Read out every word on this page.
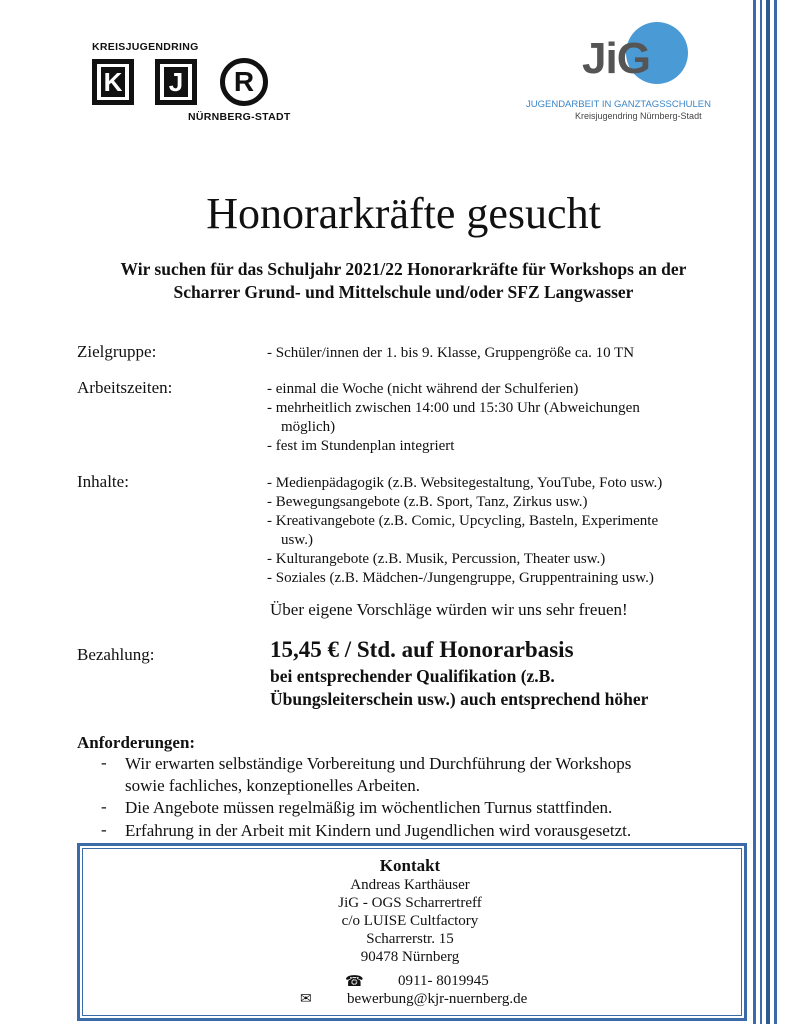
KREISJUGENDRING
K J	R
NÜRNBERG-STADT
JiG
JUGENDARBEIT IN GANZTAGSSCHULEN
Kreisjugendring Nürnberg-Stadt
Honorarkräfte gesucht
Wir suchen für das Schuljahr 2021/22 Honorarkräfte für Workshops an der
Scharrer Grund- und Mittelschule und/oder SFZ Langwasser
Zielgruppe:	- Schüler/innen der 1. bis 9. Klasse, Gruppengröße ca. 10 TN
Arbeitszeiten:	- einmal die Woche (nicht während der Schulferien)
- mehrheitlich zwischen 14:00 und 15:30 Uhr (Abweichungen
möglich)
- fest im Stundenplan integriert
Inhalte:	- Medienpädagogik (z.B. Websitegestaltung, YouTube, Foto usw.)
- Bewegungsangebote (z.B. Sport, Tanz, Zirkus usw.)
- Kreativangebote (z.B. Comic, Upcycling, Basteln, Experimente
usw.)
- Kulturangebote (z.B. Musik, Percussion, Theater usw.)
- Soziales (z.B. Mädchen-/Jungengruppe, Gruppentraining usw.)
Über eigene Vorschläge würden wir uns sehr freuen!
Bezahlung:	15,45 € / Std. auf Honorarbasis
bei entsprechender Qualifikation (z.B.
Übungsleiterschein usw.) auch entsprechend höher
Anforderungen:
- Wir erwarten selbständige Vorbereitung und Durchführung der Workshops
sowie fachliches, konzeptionelles Arbeiten.
- Die Angebote müssen regelmäßig im wöchentlichen Turnus stattfinden.
- Erfahrung in der Arbeit mit Kindern und Jugendlichen wird vorausgesetzt.
Kontakt
Andreas Karthäuser
JiG - OGS Scharrertreff
c/o LUISE Cultfactory
Scharrerstr. 15
90478 Nürnberg
☎ 0911- 8019945
✉ bewerbung@kjr-nuernberg.de
